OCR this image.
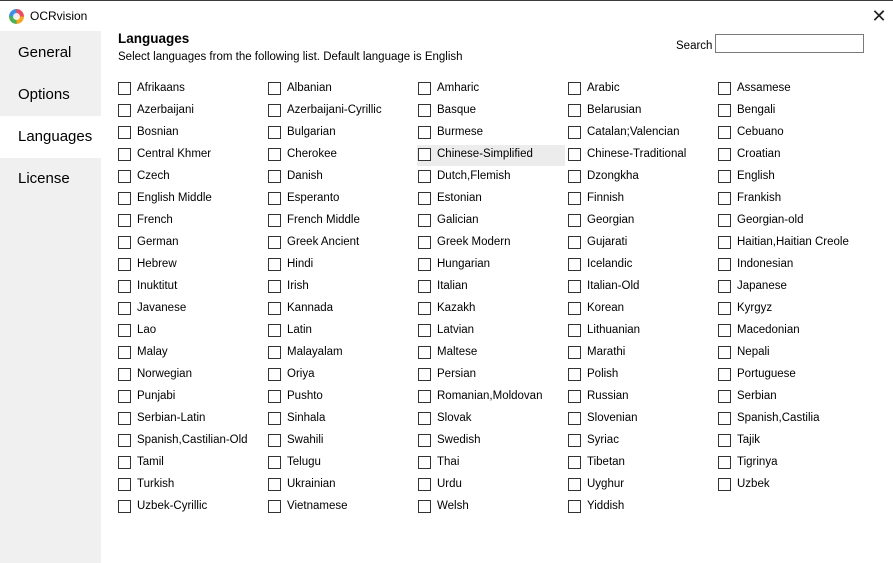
OCRvision	✕
General
Options
Languages
License
Languages
Select languages from the following list. Default language is English
Search
Afrikaans
Azerbaijani
Bosnian
Central Khmer
Czech
English Middle
French
German
Hebrew
Inuktitut
Javanese
Lao
Malay
Norwegian
Punjabi
Serbian-Latin
Spanish,Castilian-Old
Tamil
Turkish
Uzbek-Cyrillic
Albanian
Azerbaijani-Cyrillic
Bulgarian
Cherokee
Danish
Esperanto
French Middle
Greek Ancient
Hindi
Irish
Kannada
Latin
Malayalam
Oriya
Pushto
Sinhala
Swahili
Telugu
Ukrainian
Vietnamese
Amharic
Basque
Burmese
Chinese-Simplified
Dutch,Flemish
Estonian
Galician
Greek Modern
Hungarian
Italian
Kazakh
Latvian
Maltese
Persian
Romanian,Moldovan
Slovak
Swedish
Thai
Urdu
Welsh
Arabic
Belarusian
Catalan;Valencian
Chinese-Traditional
Dzongkha
Finnish
Georgian
Gujarati
Icelandic
Italian-Old
Korean
Lithuanian
Marathi
Polish
Russian
Slovenian
Syriac
Tibetan
Uyghur
Yiddish
Assamese
Bengali
Cebuano
Croatian
English
Frankish
Georgian-old
Haitian,Haitian Creole
Indonesian
Japanese
Kyrgyz
Macedonian
Nepali
Portuguese
Serbian
Spanish,Castilia
Tajik
Tigrinya
Uzbek
